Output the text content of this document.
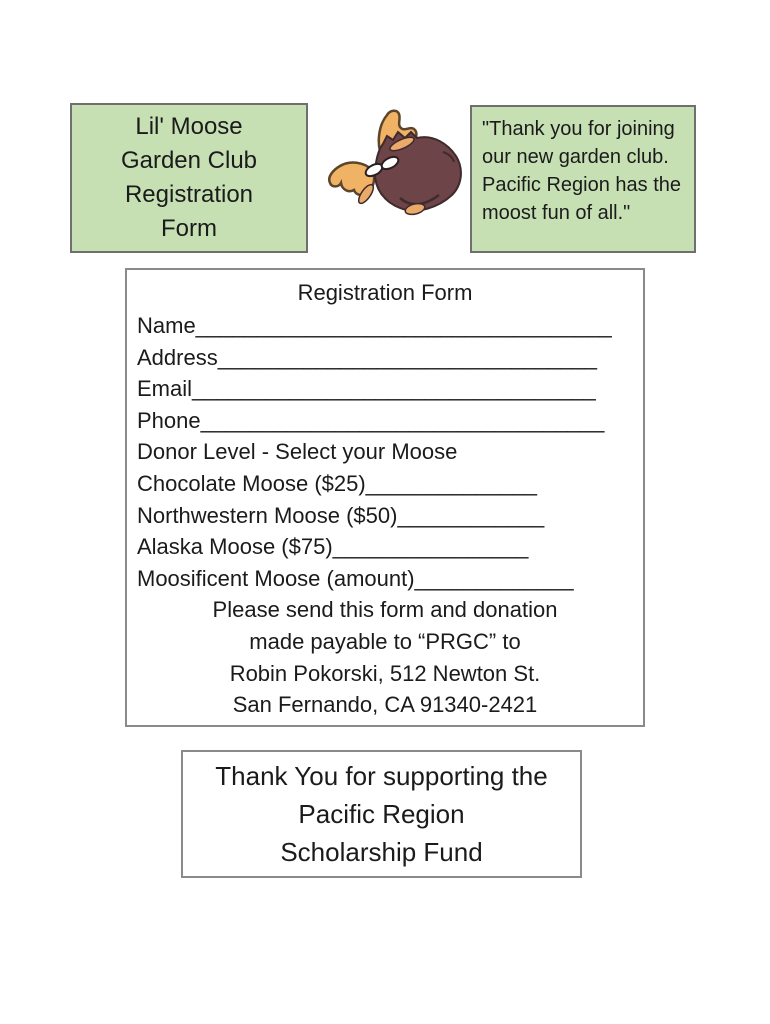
Lil' Moose
Garden Club
Registration
Form
"Thank you for joining
our new garden club.
Pacific Region has the
moost fun of all."
Registration Form
Name__________________________________
Address_______________________________
Email_________________________________
Phone_________________________________
Donor Level - Select your Moose
Chocolate Moose ($25)______________
Northwestern Moose ($50)____________
Alaska Moose ($75)________________
Moosificent Moose (amount)_____________
Please send this form and donation
made payable to “PRGC” to
Robin Pokorski, 512 Newton St.
San Fernando, CA 91340-2421
Thank You for supporting the
Pacific Region
Scholarship Fund
